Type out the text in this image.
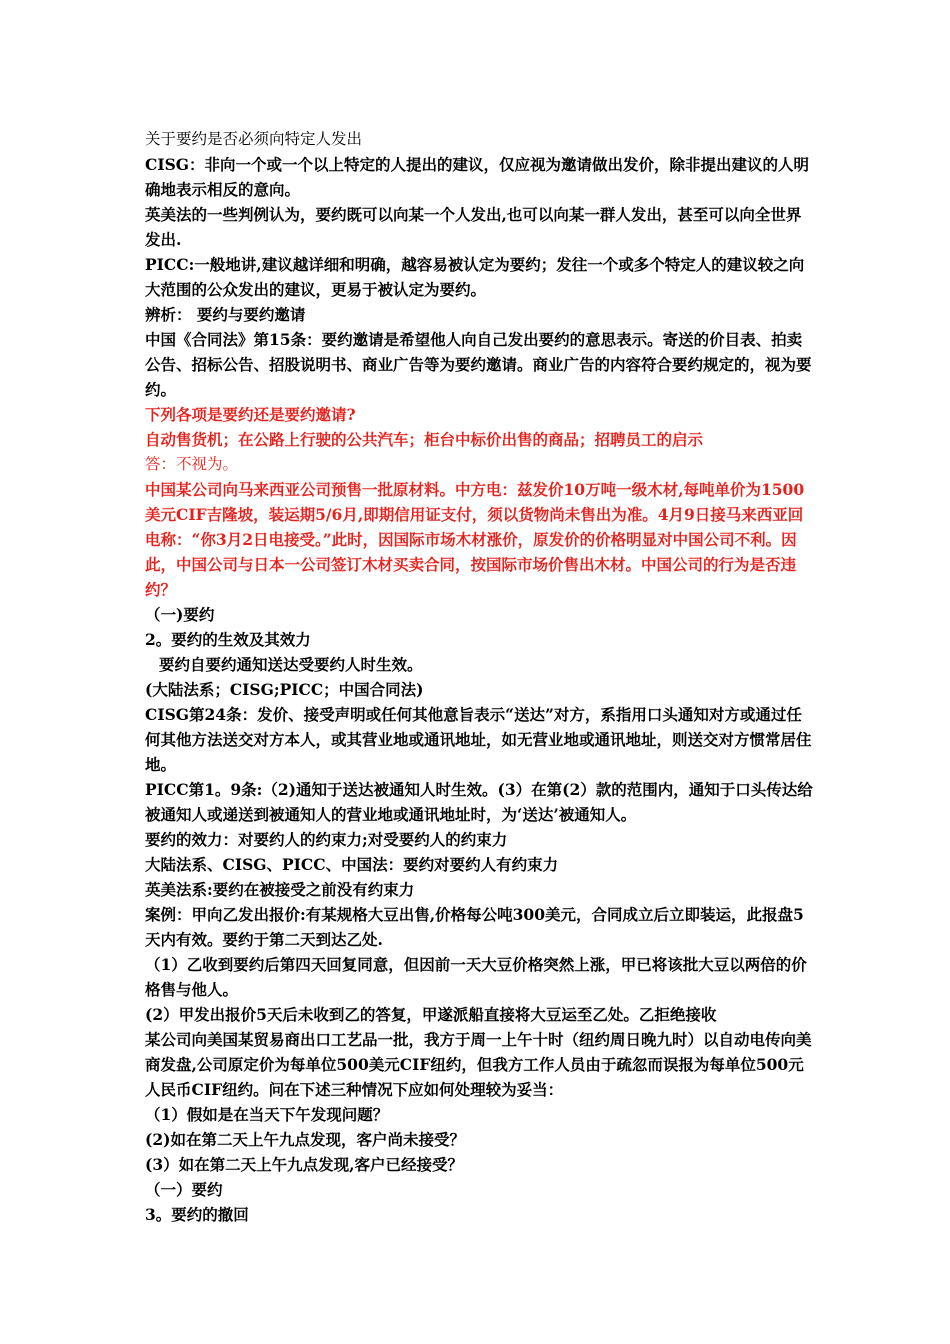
关于要约是否必须向特定人发出

CISG：非向一个或一个以上特定的人提出的建议，仅应视为邀请做出发价，除非提出建议的人明确地表示相反的意向。

英美法的一些判例认为，要约既可以向某一个人发出,也可以向某一群人发出，甚至可以向全世界发出.

PICC:一般地讲,建议越详细和明确，越容易被认定为要约；发往一个或多个特定人的建议较之向大范围的公众发出的建议，更易于被认定为要约。

辨析： 要约与要约邀请

中国《合同法》第15条：要约邀请是希望他人向自己发出要约的意思表示。寄送的价目表、拍卖公告、招标公告、招股说明书、商业广告等为要约邀请。商业广告的内容符合要约规定的，视为要约。

下列各项是要约还是要约邀请?

自动售货机；在公路上行驶的公共汽车；柜台中标价出售的商品；招聘员工的启示

答：不视为。

中国某公司向马来西亚公司预售一批原材料。中方电：兹发价10万吨一级木材,每吨单价为1500美元CIF吉隆坡，装运期5/6月,即期信用证支付，须以货物尚未售出为准。4月9日接马来西亚回电称：“你3月2日电接受。”此时，因国际市场木材涨价，原发价的价格明显对中国公司不利。因此，中国公司与日本一公司签订木材买卖合同，按国际市场价售出木材。中国公司的行为是否违约？

（一)要约

2。要约的生效及其效力

要约自要约通知送达受要约人时生效。

(大陆法系；CISG;PICC；中国合同法)

CISG第24条：发价、接受声明或任何其他意旨表示“送达”对方，系指用口头通知对方或通过任何其他方法送交对方本人，或其营业地或通讯地址，如无营业地或通讯地址，则送交对方惯常居住地。

PICC第1。9条:（2)通知于送达被通知人时生效。(3）在第(2）款的范围内，通知于口头传达给被通知人或递送到被通知人的营业地或通讯地址时，为‘送达’被通知人。

要约的效力：对要约人的约束力;对受要约人的约束力

大陆法系、CISG、PICC、中国法：要约对要约人有约束力

英美法系:要约在被接受之前没有约束力

案例：甲向乙发出报价:有某规格大豆出售,价格每公吨300美元，合同成立后立即装运，此报盘5天内有效。要约于第二天到达乙处.

（1）乙收到要约后第四天回复同意，但因前一天大豆价格突然上涨，甲已将该批大豆以两倍的价格售与他人。

(2）甲发出报价5天后未收到乙的答复，甲遂派船直接将大豆运至乙处。乙拒绝接收

某公司向美国某贸易商出口工艺品一批，我方于周一上午十时（纽约周日晚九时）以自动电传向美商发盘,公司原定价为每单位500美元CIF纽约，但我方工作人员由于疏忽而误报为每单位500元人民币CIF纽约。问在下述三种情况下应如何处理较为妥当：

（1）假如是在当天下午发现问题？

(2)如在第二天上午九点发现，客户尚未接受？

(3）如在第二天上午九点发现,客户已经接受？

（一）要约

3。要约的撤回
